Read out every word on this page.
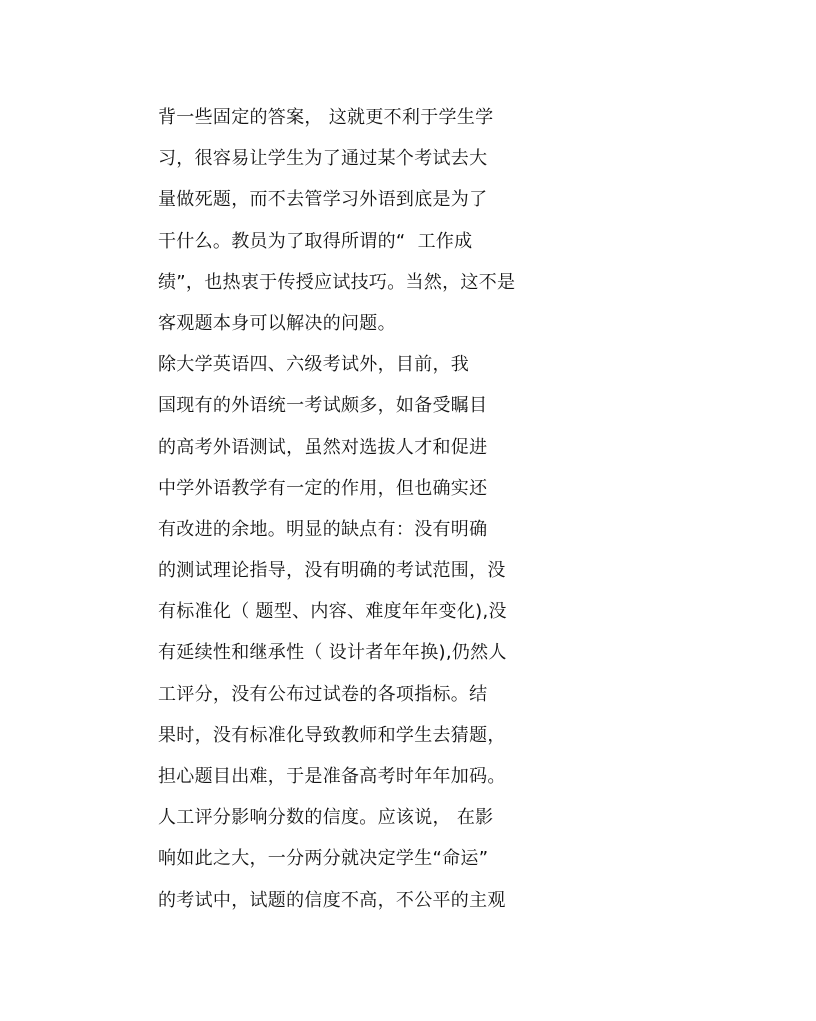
背一些固定的答案， 这就更不利于学生学
习，很容易让学生为了通过某个考试去大
量做死题，而不去管学习外语到底是为了
干什么。教员为了取得所谓的“  工作成
绩”，也热衷于传授应试技巧。当然，这不是
客观题本身可以解决的问题。
除大学英语四、六级考试外，目前，我
国现有的外语统一考试颇多，如备受瞩目
的高考外语测试，虽然对选拔人才和促进
中学外语教学有一定的作用，但也确实还
有改进的余地。明显的缺点有：没有明确
的测试理论指导，没有明确的考试范围，没
有标准化（ 题型、内容、难度年年变化),没
有延续性和继承性（ 设计者年年换),仍然人
工评分，没有公布过试卷的各项指标。结
果时，没有标准化导致教师和学生去猜题，
担心题目出难，于是准备高考时年年加码。
人工评分影响分数的信度。应该说， 在影
响如此之大，一分两分就决定学生“命运”
的考试中，试题的信度不高，不公平的主观
